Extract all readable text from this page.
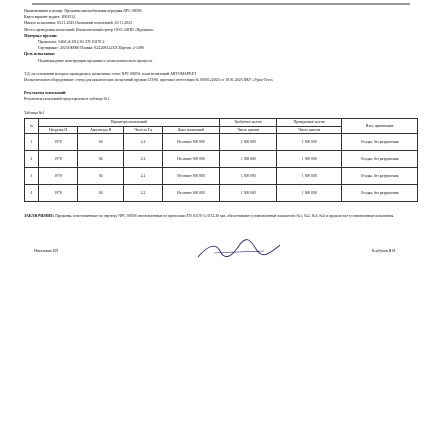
Наименование и номер: Пружины автомобильная передняя NPC 0005S
Карта вариант аудита: 2003512
Начало испытания: 03.11.2023 Окончание испытаний: 20.11.2023
Место проведения испытаний: Испытательный центр ООО «НПП «Пружина»
Материал пружин:
Проволока: 54SiCr6 Ø12,30, EN 10270-2.
Сертификат: 2023100060 Плавка: E22208412XX Партия: 2-1496
Цель испытания:
Подтверждение конструкции пружины и технологического процесса.
Т.Д. на основании которых проводились испытания: отчет NPC 0005S, план испытаний ABTOMAPKET
Испытательное оборудование: стенд для циклических испытаний пружин СП-06, протокол аттестации № 0056122023 от 18.01.2023 ФБУ «Урал-Тест»
Результаты испытаний:
Результаты испытаний представлены в таблице №1.
Таблица №1
№	Параметры испытаний				Требуемое кол-во	Проведенное кол-во	Итог, примечание
	Нагрузка Н	Амплитуда Н	Частота Гц	Цикл испытаний	Число циклов	Число циклов	
1	1970	84	2,2	Не менее 500 000	1 500 000	1 500 000	Осадка, без разрушения
2	1970	84	2,2	Не менее 500 000	1 500 000	1 500 000	Осадка, без разрушения
3	1970	84	2,2	Не менее 500 000	1 500 000	1 500 000	Осадка, без разрушения
4	1970	84	2,2	Не менее 500 000	1 500 000	1 500 000	Осадка, без разрушения
ЗАКЛЮЧЕНИЕ: Пружины, изготовленные по чертежу NPC 0005S изготовленные из проволоки EN 10270-2, Ø12,30 мм, обеспечивают установленные показатели №1, №2, №3, №4 и прошли все установленные испытания.
Начальник ИЛ	Клубуков В.И.
